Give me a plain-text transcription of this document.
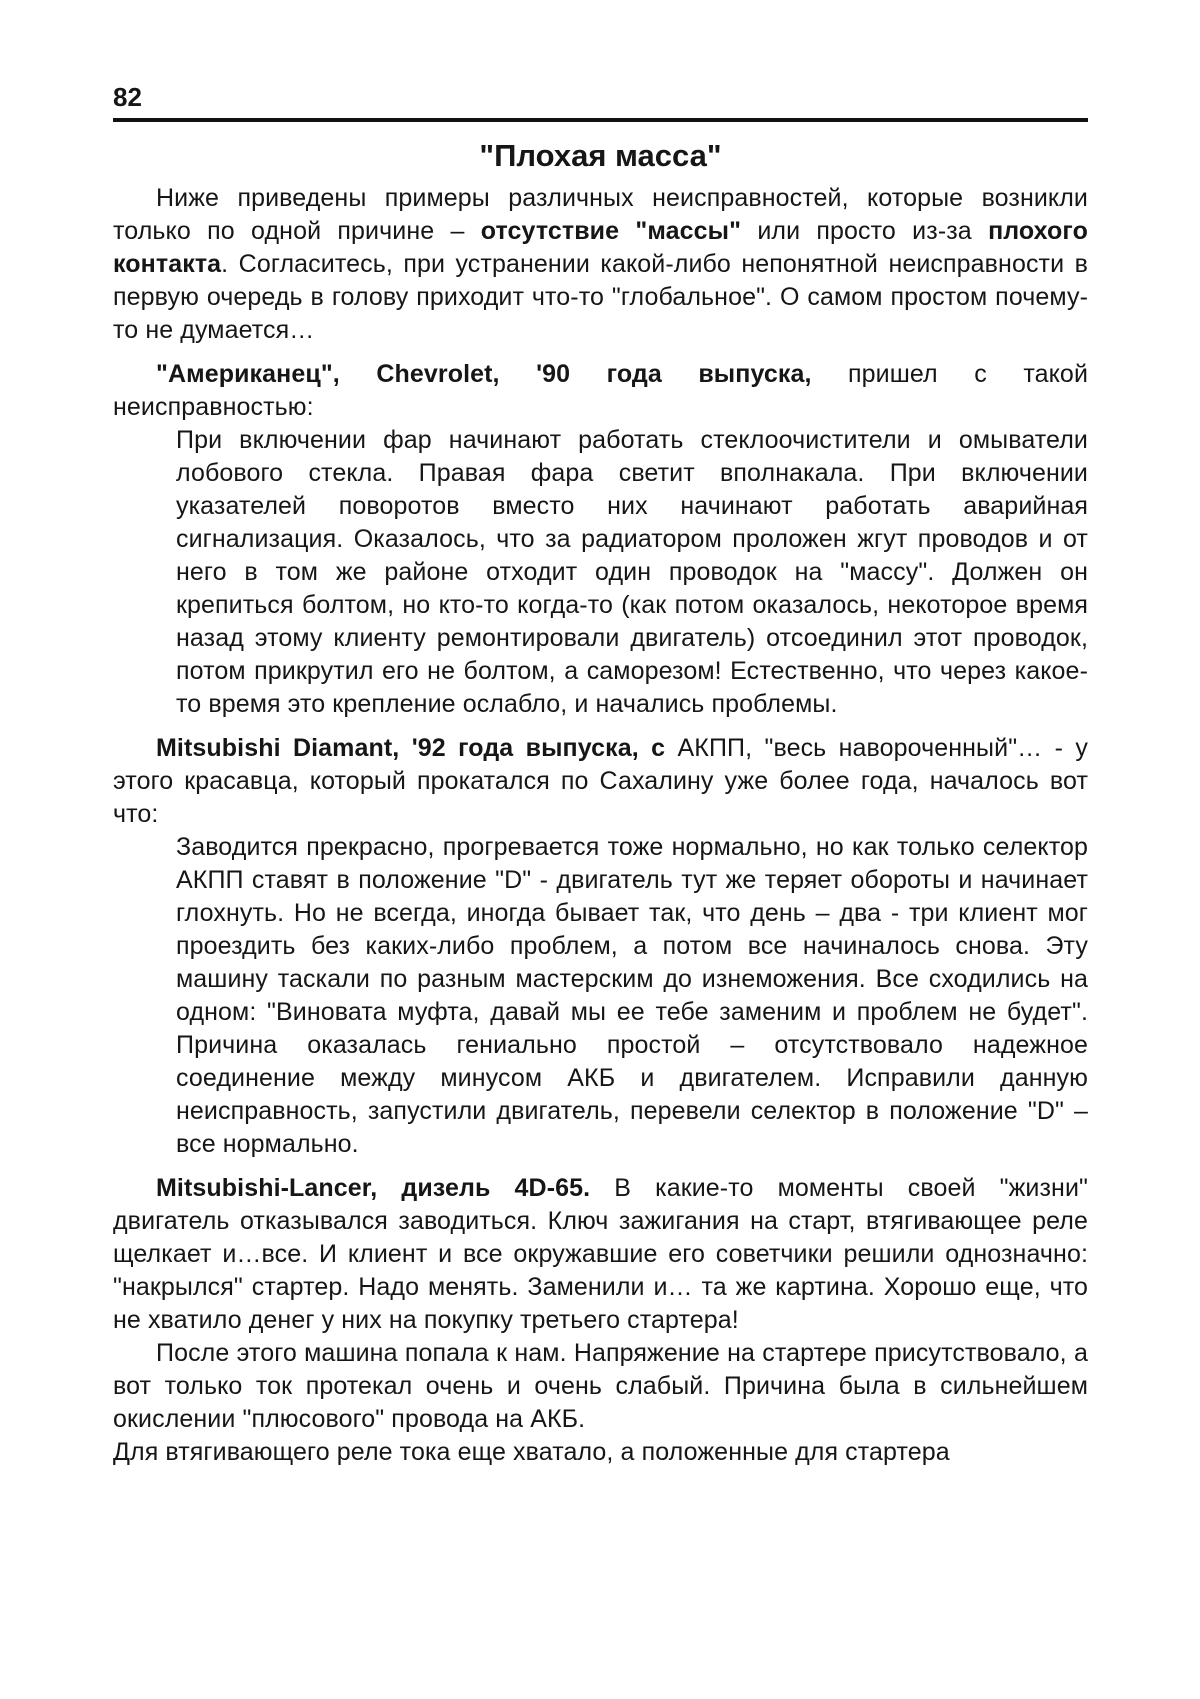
82
"Плохая масса"

Ниже приведены примеры различных неисправностей, которые возникли только по одной причине – отсутствие "массы" или просто из-за плохого контакта. Согласитесь, при устранении какой-либо непонятной неисправности в первую очередь в голову приходит что-то "глобальное". О самом простом почему-то не думается…

"Американец", Chevrolet, '90 года выпуска, пришел с такой неисправностью:

При включении фар начинают работать стеклоочистители и омыватели лобового стекла. Правая фара светит вполнакала. При включении указателей поворотов вместо них начинают работать аварийная сигнализация. Оказалось, что за радиатором проложен жгут проводов и от него в том же районе отходит один проводок на "массу". Должен он крепиться болтом, но кто-то когда-то (как потом оказалось, некоторое время назад этому клиенту ремонтировали двигатель) отсоединил этот проводок, потом прикрутил его не болтом, а саморезом! Естественно, что через какое-то время это крепление ослабло, и начались проблемы.

Mitsubishi Diamant, '92 года выпуска, с АКПП, "весь навороченный"… - у этого красавца, который прокатался по Сахалину уже более года, началось вот что:

Заводится прекрасно, прогревается тоже нормально, но как только селектор АКПП ставят в положение "D" - двигатель тут же теряет обороты и начинает глохнуть. Но не всегда, иногда бывает так, что день – два - три клиент мог проездить без каких-либо проблем, а потом все начиналось снова. Эту машину таскали по разным мастерским до изнеможения. Все сходились на одном: "Виновата муфта, давай мы ее тебе заменим и проблем не будет". Причина оказалась гениально простой – отсутствовало надежное соединение между минусом АКБ и двигателем. Исправили данную неисправность, запустили двигатель, перевели селектор в положение "D" – все нормально.

Mitsubishi-Lancer, дизель 4D-65. В какие-то моменты своей "жизни" двигатель отказывался заводиться. Ключ зажигания на старт, втягивающее реле щелкает и…все. И клиент и все окружавшие его советчики решили однозначно: "накрылся" стартер. Надо менять. Заменили и… та же картина. Хорошо еще, что не хватило денег у них на покупку третьего стартера!

После этого машина попала к нам. Напряжение на стартере присутствовало, а вот только ток протекал очень и очень слабый. Причина была в сильнейшем окислении "плюсового" провода на АКБ.

Для втягивающего реле тока еще хватало, а положенные для стартера
